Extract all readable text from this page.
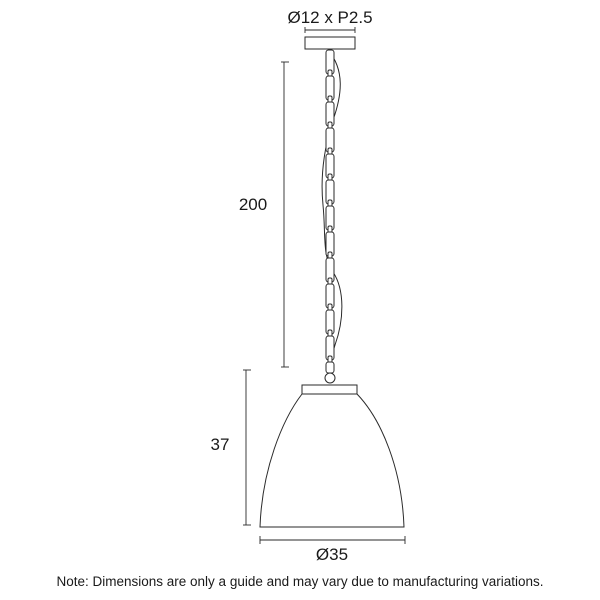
Ø12 x P2.5
200
37
Ø35
Note: Dimensions are only a guide and may vary due to manufacturing variations.
